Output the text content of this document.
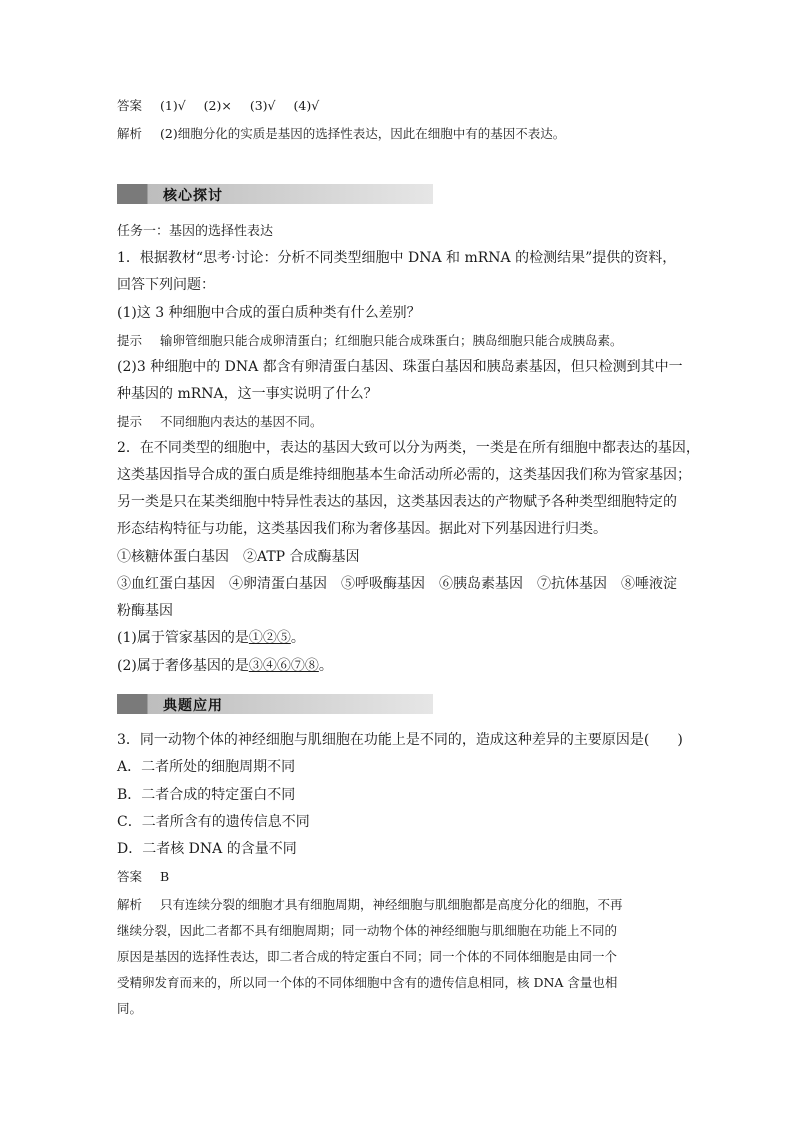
答案 (1)√ (2)× (3)√ (4)√
解析 (2)细胞分化的实质是基因的选择性表达，因此在细胞中有的基因不表达。
核心探讨
任务一：基因的选择性表达
1．根据教材“思考·讨论：分析不同类型细胞中 DNA 和 mRNA 的检测结果”提供的资料，
回答下列问题：
(1)这 3 种细胞中合成的蛋白质种类有什么差别？
提示 输卵管细胞只能合成卵清蛋白；红细胞只能合成珠蛋白；胰岛细胞只能合成胰岛素。
(2)3 种细胞中的 DNA 都含有卵清蛋白基因、珠蛋白基因和胰岛素基因，但只检测到其中一
种基因的 mRNA，这一事实说明了什么？
提示 不同细胞内表达的基因不同。
2．在不同类型的细胞中，表达的基因大致可以分为两类，一类是在所有细胞中都表达的基因，
这类基因指导合成的蛋白质是维持细胞基本生命活动所必需的，这类基因我们称为管家基因；
另一类是只在某类细胞中特异性表达的基因，这类基因表达的产物赋予各种类型细胞特定的
形态结构特征与功能，这类基因我们称为奢侈基因。据此对下列基因进行归类。
①核糖体蛋白基因　②ATP 合成酶基因
③血红蛋白基因　④卵清蛋白基因　⑤呼吸酶基因　⑥胰岛素基因　⑦抗体基因　⑧唾液淀
粉酶基因
(1)属于管家基因的是①②⑤。
(2)属于奢侈基因的是③④⑥⑦⑧。
典题应用
3．同一动物个体的神经细胞与肌细胞在功能上是不同的，造成这种差异的主要原因是(　　)
A．二者所处的细胞周期不同
B．二者合成的特定蛋白不同
C．二者所含有的遗传信息不同
D．二者核 DNA 的含量不同
答案 B
解析 只有连续分裂的细胞才具有细胞周期，神经细胞与肌细胞都是高度分化的细胞，不再
继续分裂，因此二者都不具有细胞周期；同一动物个体的神经细胞与肌细胞在功能上不同的
原因是基因的选择性表达，即二者合成的特定蛋白不同；同一个体的不同体细胞是由同一个
受精卵发育而来的，所以同一个体的不同体细胞中含有的遗传信息相同，核 DNA 含量也相
同。
